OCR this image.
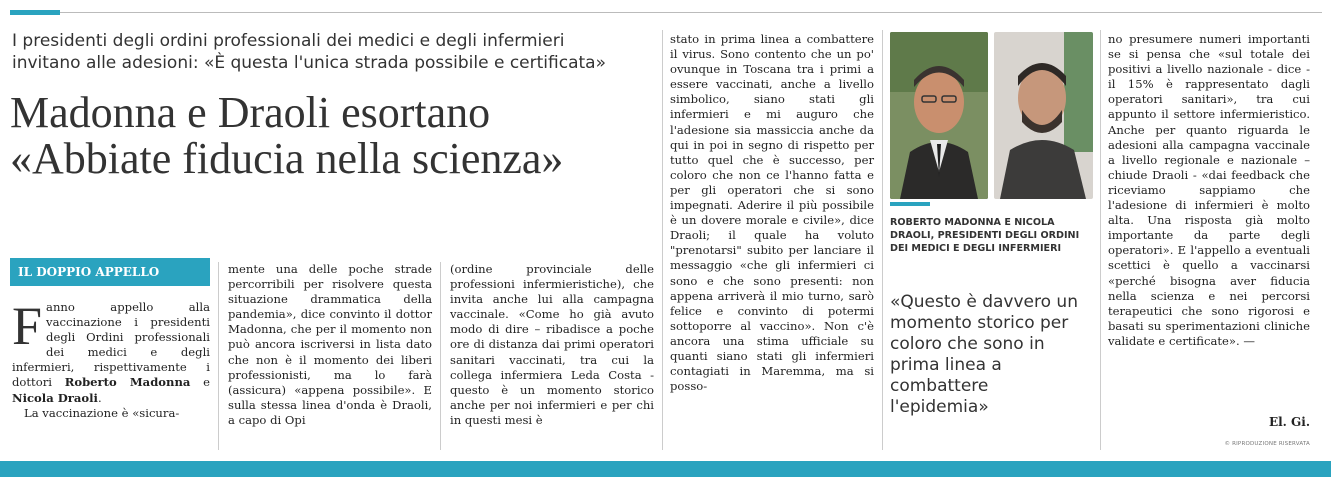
I presidenti degli ordini professionali dei medici e degli infermieri invitano alle adesioni: «È questa l'unica strada possibile e certificata»
Madonna e Draoli esortano
«Abbiate fiducia nella scienza»
IL DOPPIO APPELLO
Fanno appello alla vaccinazione i presidenti degli Ordini professionali dei medici e degli infermieri, rispettivamente i dottori Roberto Madonna e Nicola Draoli.
La vaccinazione è «sicura-
mente una delle poche strade percorribili per risolvere questa situazione drammatica della pandemia», dice convinto il dottor Madonna, che per il momento non può ancora iscriversi in lista dato che non è il momento dei liberi professionisti, ma lo farà (assicura) «appena possibile». E sulla stessa linea d'onda è Draoli, a capo di Opi
(ordine provinciale delle professioni infermieristiche), che invita anche lui alla campagna vaccinale. «Come ho già avuto modo di dire – ribadisce a poche ore di distanza dai primi operatori sanitari vaccinati, tra cui la collega infermiera Leda Costa - questo è un momento storico anche per noi infermieri e per chi in questi mesi è
stato in prima linea a combattere il virus. Sono contento che un po' ovunque in Toscana tra i primi a essere vaccinati, anche a livello simbolico, siano stati gli infermieri e mi auguro che l'adesione sia massiccia anche da qui in poi in segno di rispetto per tutto quel che è successo, per coloro che non ce l'hanno fatta e per gli operatori che si sono impegnati. Aderire il più possibile è un dovere morale e civile», dice Draoli; il quale ha voluto "prenotarsi" subito per lanciare il messaggio «che gli infermieri ci sono e che sono presenti: non appena arriverà il mio turno, sarò felice e convinto di potermi sottoporre al vaccino». Non c'è ancora una stima ufficiale su quanti siano stati gli infermieri contagiati in Maremma, ma si posso-
ROBERTO MADONNA E NICOLA DRAOLI, PRESIDENTI DEGLI ORDINI DEI MEDICI E DEGLI INFERMIERI
«Questo è davvero un momento storico per coloro che sono in prima linea a combattere l'epidemia»
no presumere numeri importanti se si pensa che «sul totale dei positivi a livello nazionale - dice - il 15% è rappresentato dagli operatori sanitari», tra cui appunto il settore infermieristico. Anche per quanto riguarda le adesioni alla campagna vaccinale a livello regionale e nazionale – chiude Draoli - «dai feedback che riceviamo sappiamo che l'adesione di infermieri è molto alta. Una risposta già molto importante da parte degli operatori». E l'appello a eventuali scettici è quello a vaccinarsi «perché bisogna aver fiducia nella scienza e nei percorsi terapeutici che sono rigorosi e basati su sperimentazioni cliniche validate e certificate». —
El. Gi.
© RIPRODUZIONE RISERVATA
